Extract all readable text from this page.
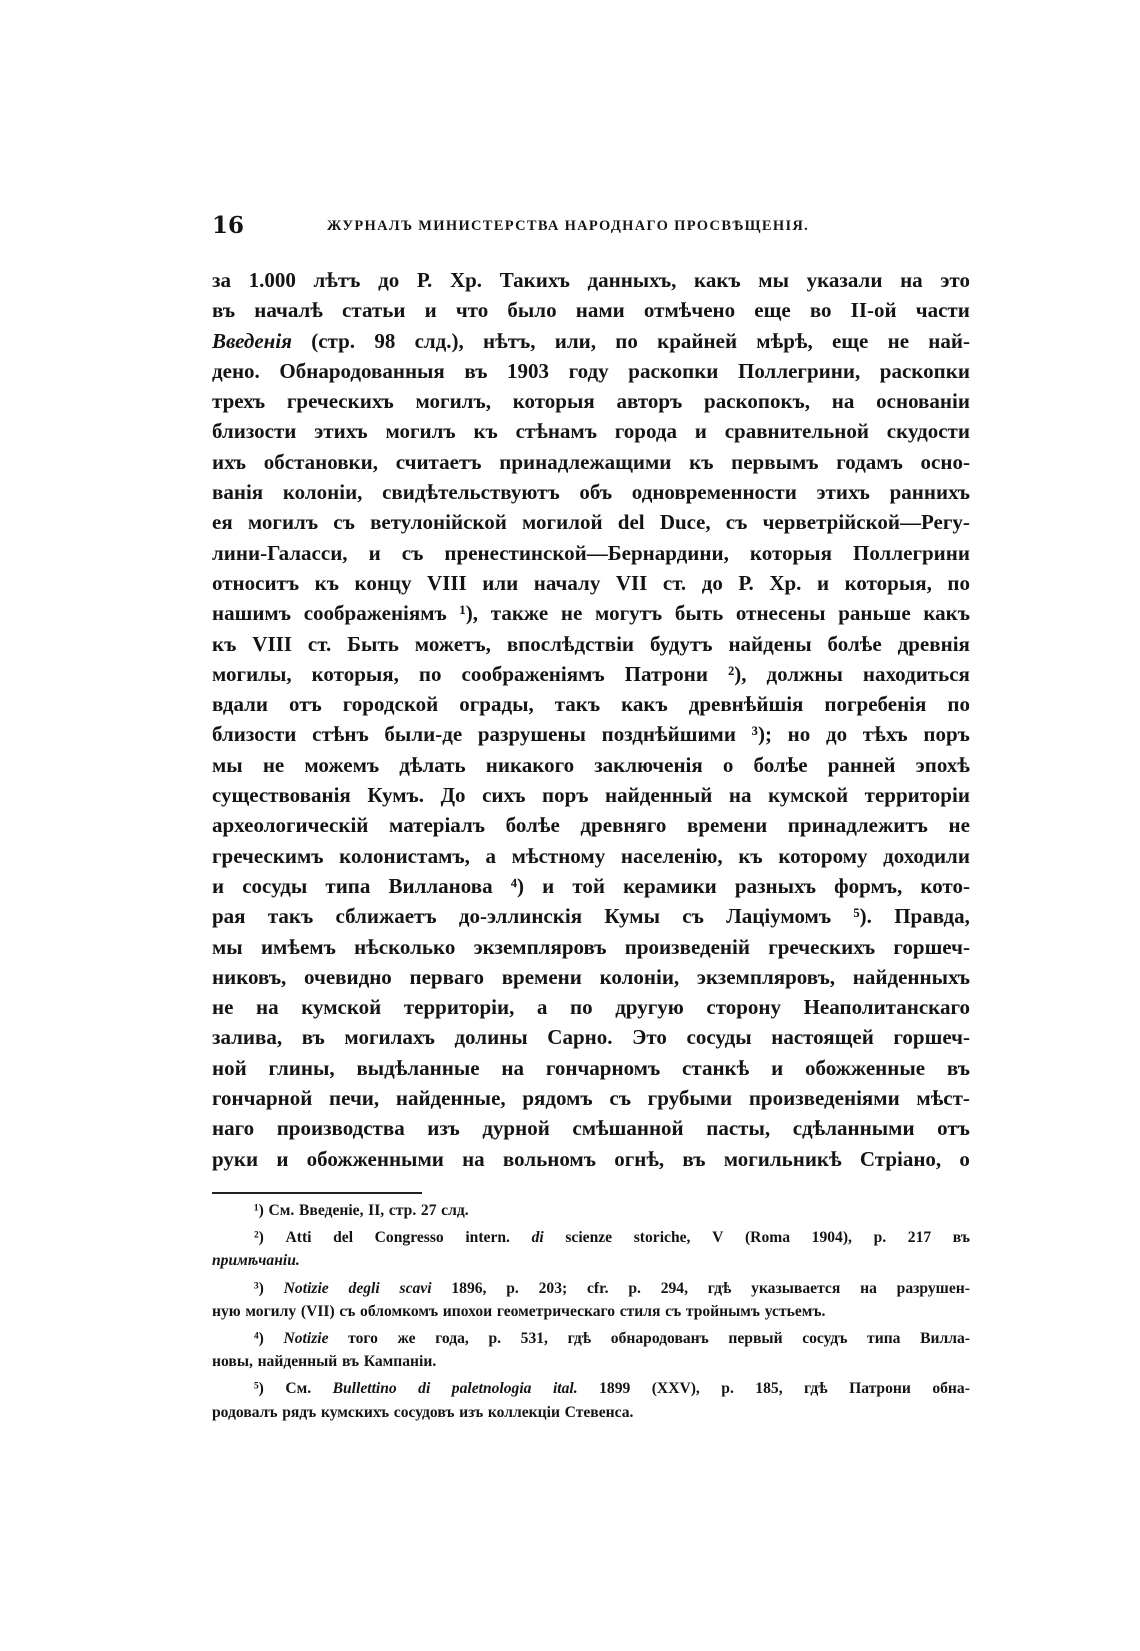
16	ЖУРНАЛЪ МИНИСТЕРСТВА НАРОДНАГО ПРОСВѢЩЕНІЯ.
за 1.000 лѣтъ до Р. Хр. Такихъ данныхъ, какъ мы указали на это
въ началѣ статьи и что было нами отмѣчено еще во II-ой части
Введенія (стр. 98 слд.), нѣтъ, или, по крайней мѣрѣ, еще не най-
дено. Обнародованныя въ 1903 году раскопки Поллегрини, раскопки
трехъ греческихъ могилъ, которыя авторъ раскопокъ, на основаніи
близости этихъ могилъ къ стѣнамъ города и сравнительной скудости
ихъ обстановки, считаетъ принадлежащими къ первымъ годамъ осно-
ванія колоніи, свидѣтельствуютъ объ одновременности этихъ раннихъ
ея могилъ съ ветулонійской могилой del Duce, съ черветрійской—Регу-
лини-Галасси, и съ пренестинской—Бернардини, которыя Поллегрини
относитъ къ концу VIII или началу VII ст. до Р. Хр. и которыя, по
нашимъ соображеніямъ ¹), также не могутъ быть отнесены раньше какъ
къ VIII ст. Быть можетъ, впослѣдствіи будутъ найдены болѣе древнія
могилы, которыя, по соображеніямъ Патрони ²), должны находиться
вдали отъ городской ограды, такъ какъ древнѣйшія погребенія по
близости стѣнъ были-де разрушены позднѣйшими ³); но до тѣхъ поръ
мы не можемъ дѣлать никакого заключенія о болѣе ранней эпохѣ
существованія Кумъ. До сихъ поръ найденный на кумской территоріи
археологическій матеріалъ болѣе древняго времени принадлежитъ не
греческимъ колонистамъ, а мѣстному населенію, къ которому доходили
и сосуды типа Вилланова ⁴) и той керамики разныхъ формъ, кото-
рая такъ сближаетъ до-эллинскія Кумы съ Лаціумомъ ⁵). Правда,
мы имѣемъ нѣсколько экземпляровъ произведеній греческихъ горшеч-
никовъ, очевидно перваго времени колоніи, экземпляровъ, найденныхъ
не на кумской территоріи, а по другую сторону Неаполитанскаго
залива, въ могилахъ долины Сарно. Это сосуды настоящей горшеч-
ной глины, выдѣланные на гончарномъ станкѣ и обожженные въ
гончарной печи, найденные, рядомъ съ грубыми произведеніями мѣст-
наго производства изъ дурной смѣшанной пасты, сдѣланными отъ
руки и обожженными на вольномъ огнѣ, въ могильникѣ Стріано, о
¹) См. Введеніе, II, стр. 27 слд.
²) Atti del Congresso intern. di scienze storiche, V (Roma 1904), p. 217 въ
примѣчаніи.
³) Notizie degli scavi 1896, p. 203; cfr. p. 294, гдѣ указывается на разрушен-
ную могилу (VII) съ обломкомъ ипохои геометрическаго стиля съ тройнымъ устьемъ.
⁴) Notizie того же года, p. 531, гдѣ обнародованъ первый сосудъ типа Вилла-
новы, найденный въ Кампаніи.
⁵) См. Bullettino di paletnologia ital. 1899 (XXV), p. 185, гдѣ Патрони обна-
родовалъ рядъ кумскихъ сосудовъ изъ коллекціи Стевенса.
